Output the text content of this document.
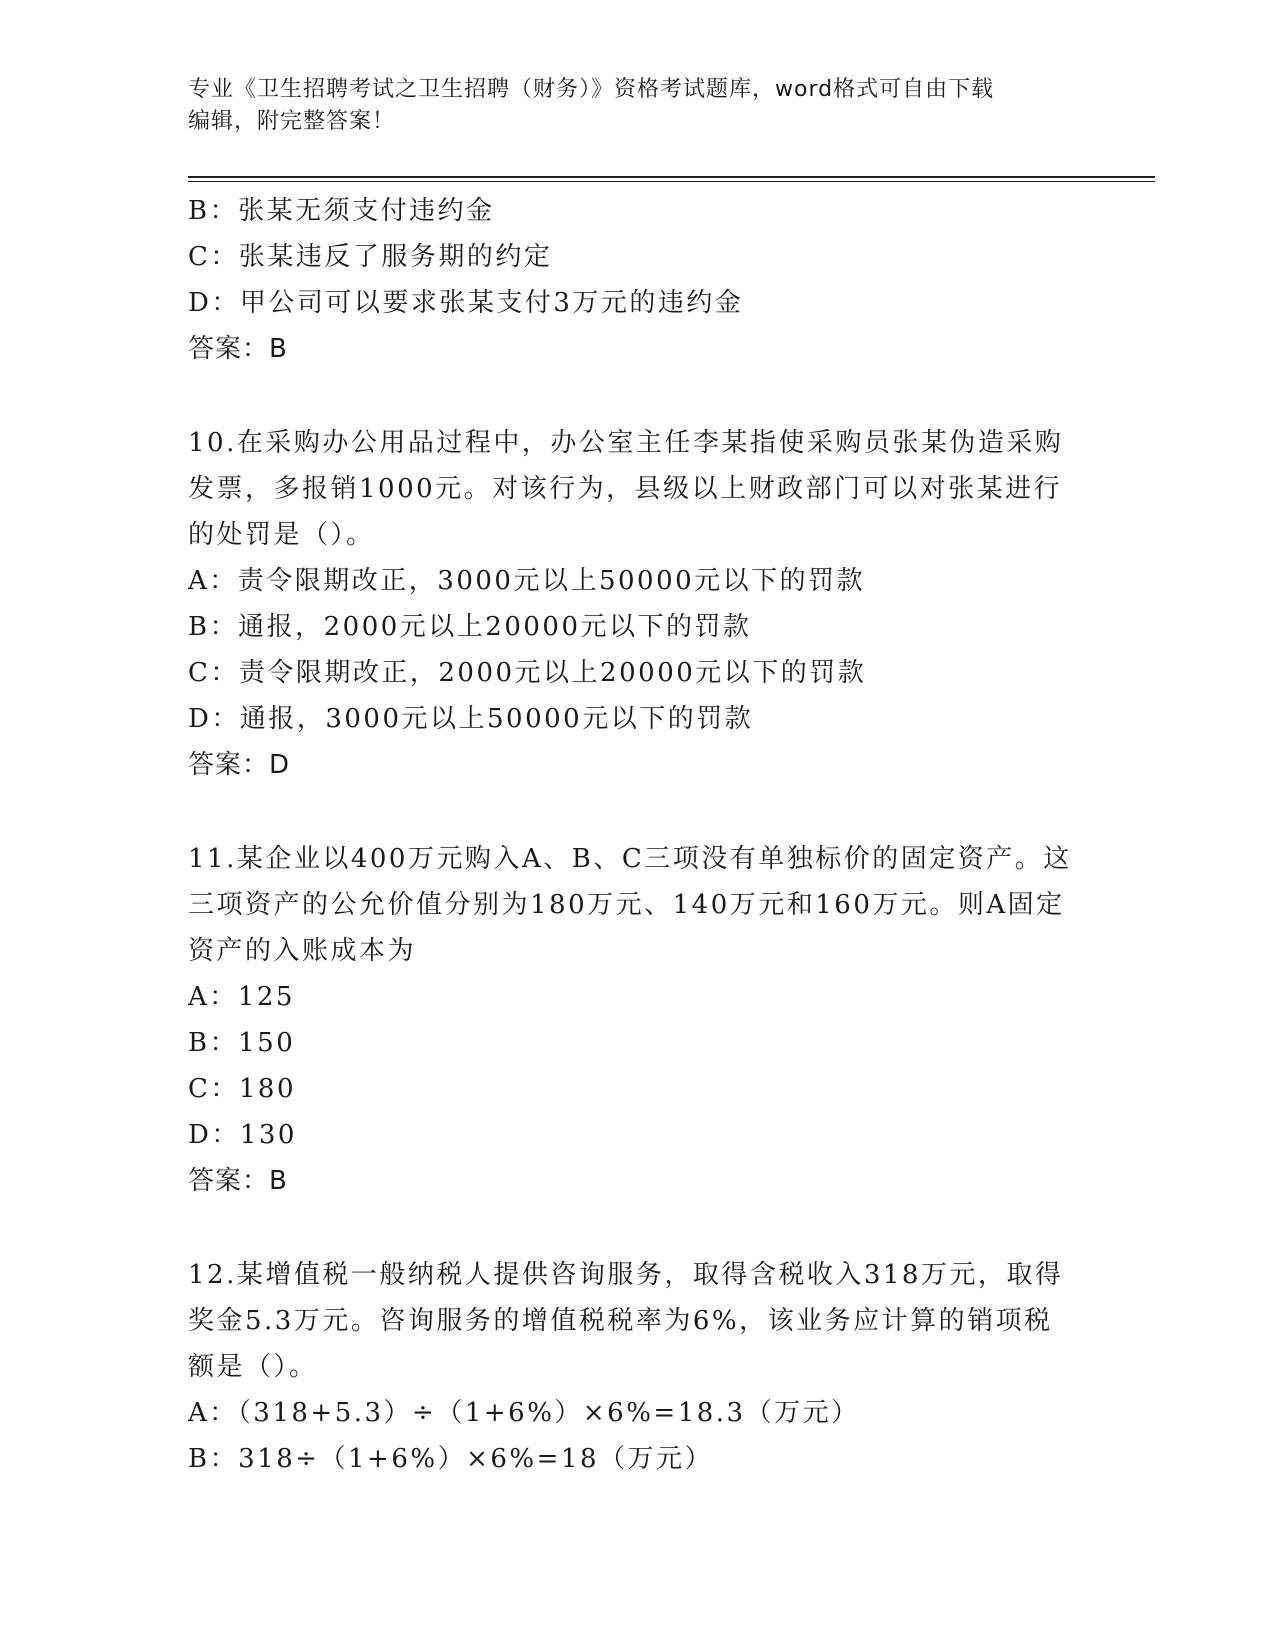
专业《卫生招聘考试之卫生招聘（财务）》资格考试题库，word格式可自由下载
编辑，附完整答案！
B：张某无须支付违约金
C：张某违反了服务期的约定
D：甲公司可以要求张某支付3万元的违约金
答案：B
10.在采购办公用品过程中，办公室主任李某指使采购员张某伪造采购
发票，多报销1000元。对该行为，县级以上财政部门可以对张某进行
的处罚是（）。
A：责令限期改正，3000元以上50000元以下的罚款
B：通报，2000元以上20000元以下的罚款
C：责令限期改正，2000元以上20000元以下的罚款
D：通报，3000元以上50000元以下的罚款
答案：D
11.某企业以400万元购入A、B、C三项没有单独标价的固定资产。这
三项资产的公允价值分别为180万元、140万元和160万元。则A固定
资产的入账成本为
A：125
B：150
C：180
D：130
答案：B
12.某增值税一般纳税人提供咨询服务，取得含税收入318万元，取得
奖金5.3万元。咨询服务的增值税税率为6%，该业务应计算的销项税
额是（）。
A：（318+5.3）÷（1+6%）×6%=18.3（万元）
B：318÷（1+6%）×6%=18（万元）
